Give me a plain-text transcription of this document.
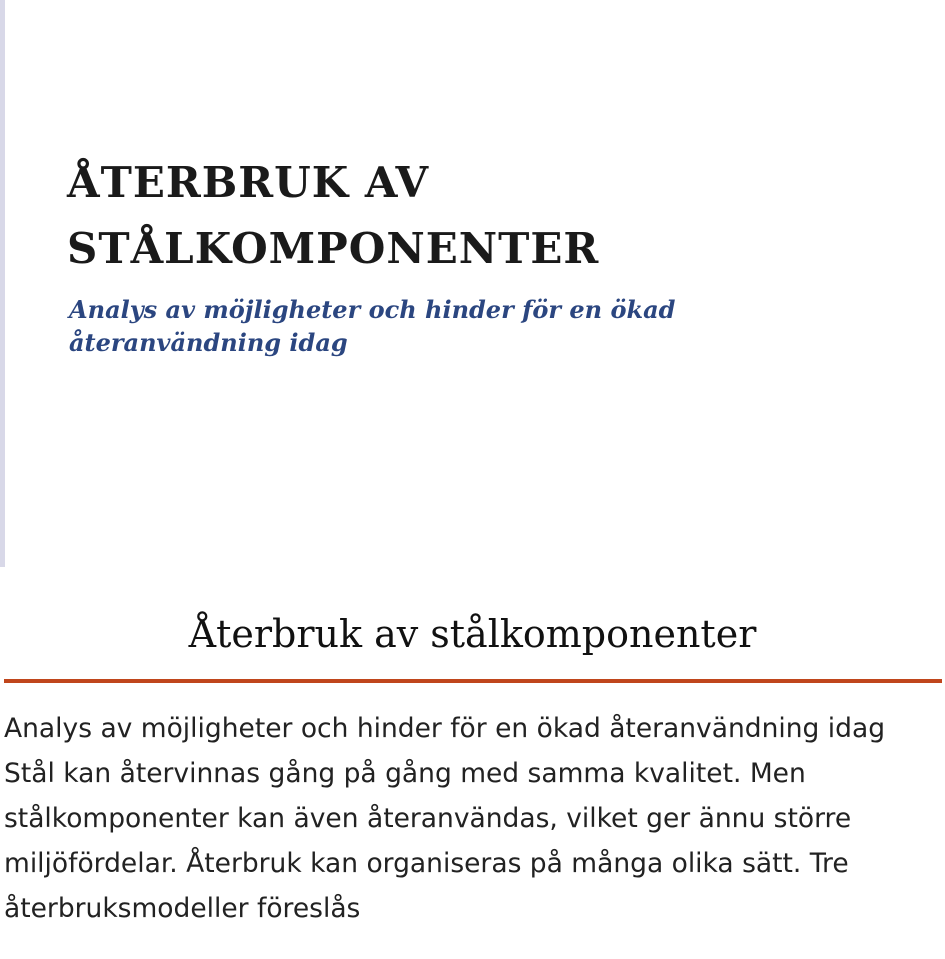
ÅTERBRUK AV STÅLKOMPONENTER

Analys av möjligheter och hinder för en ökad återanvändning idag

Återbruk av stålkomponenter

Analys av möjligheter och hinder för en ökad återanvändning idag Stål kan återvinnas gång på gång med samma kvalitet. Men stålkomponenter kan även återanvändas, vilket ger ännu större miljöfördelar. Återbruk kan organiseras på många olika sätt. Tre återbruksmodeller föreslås
